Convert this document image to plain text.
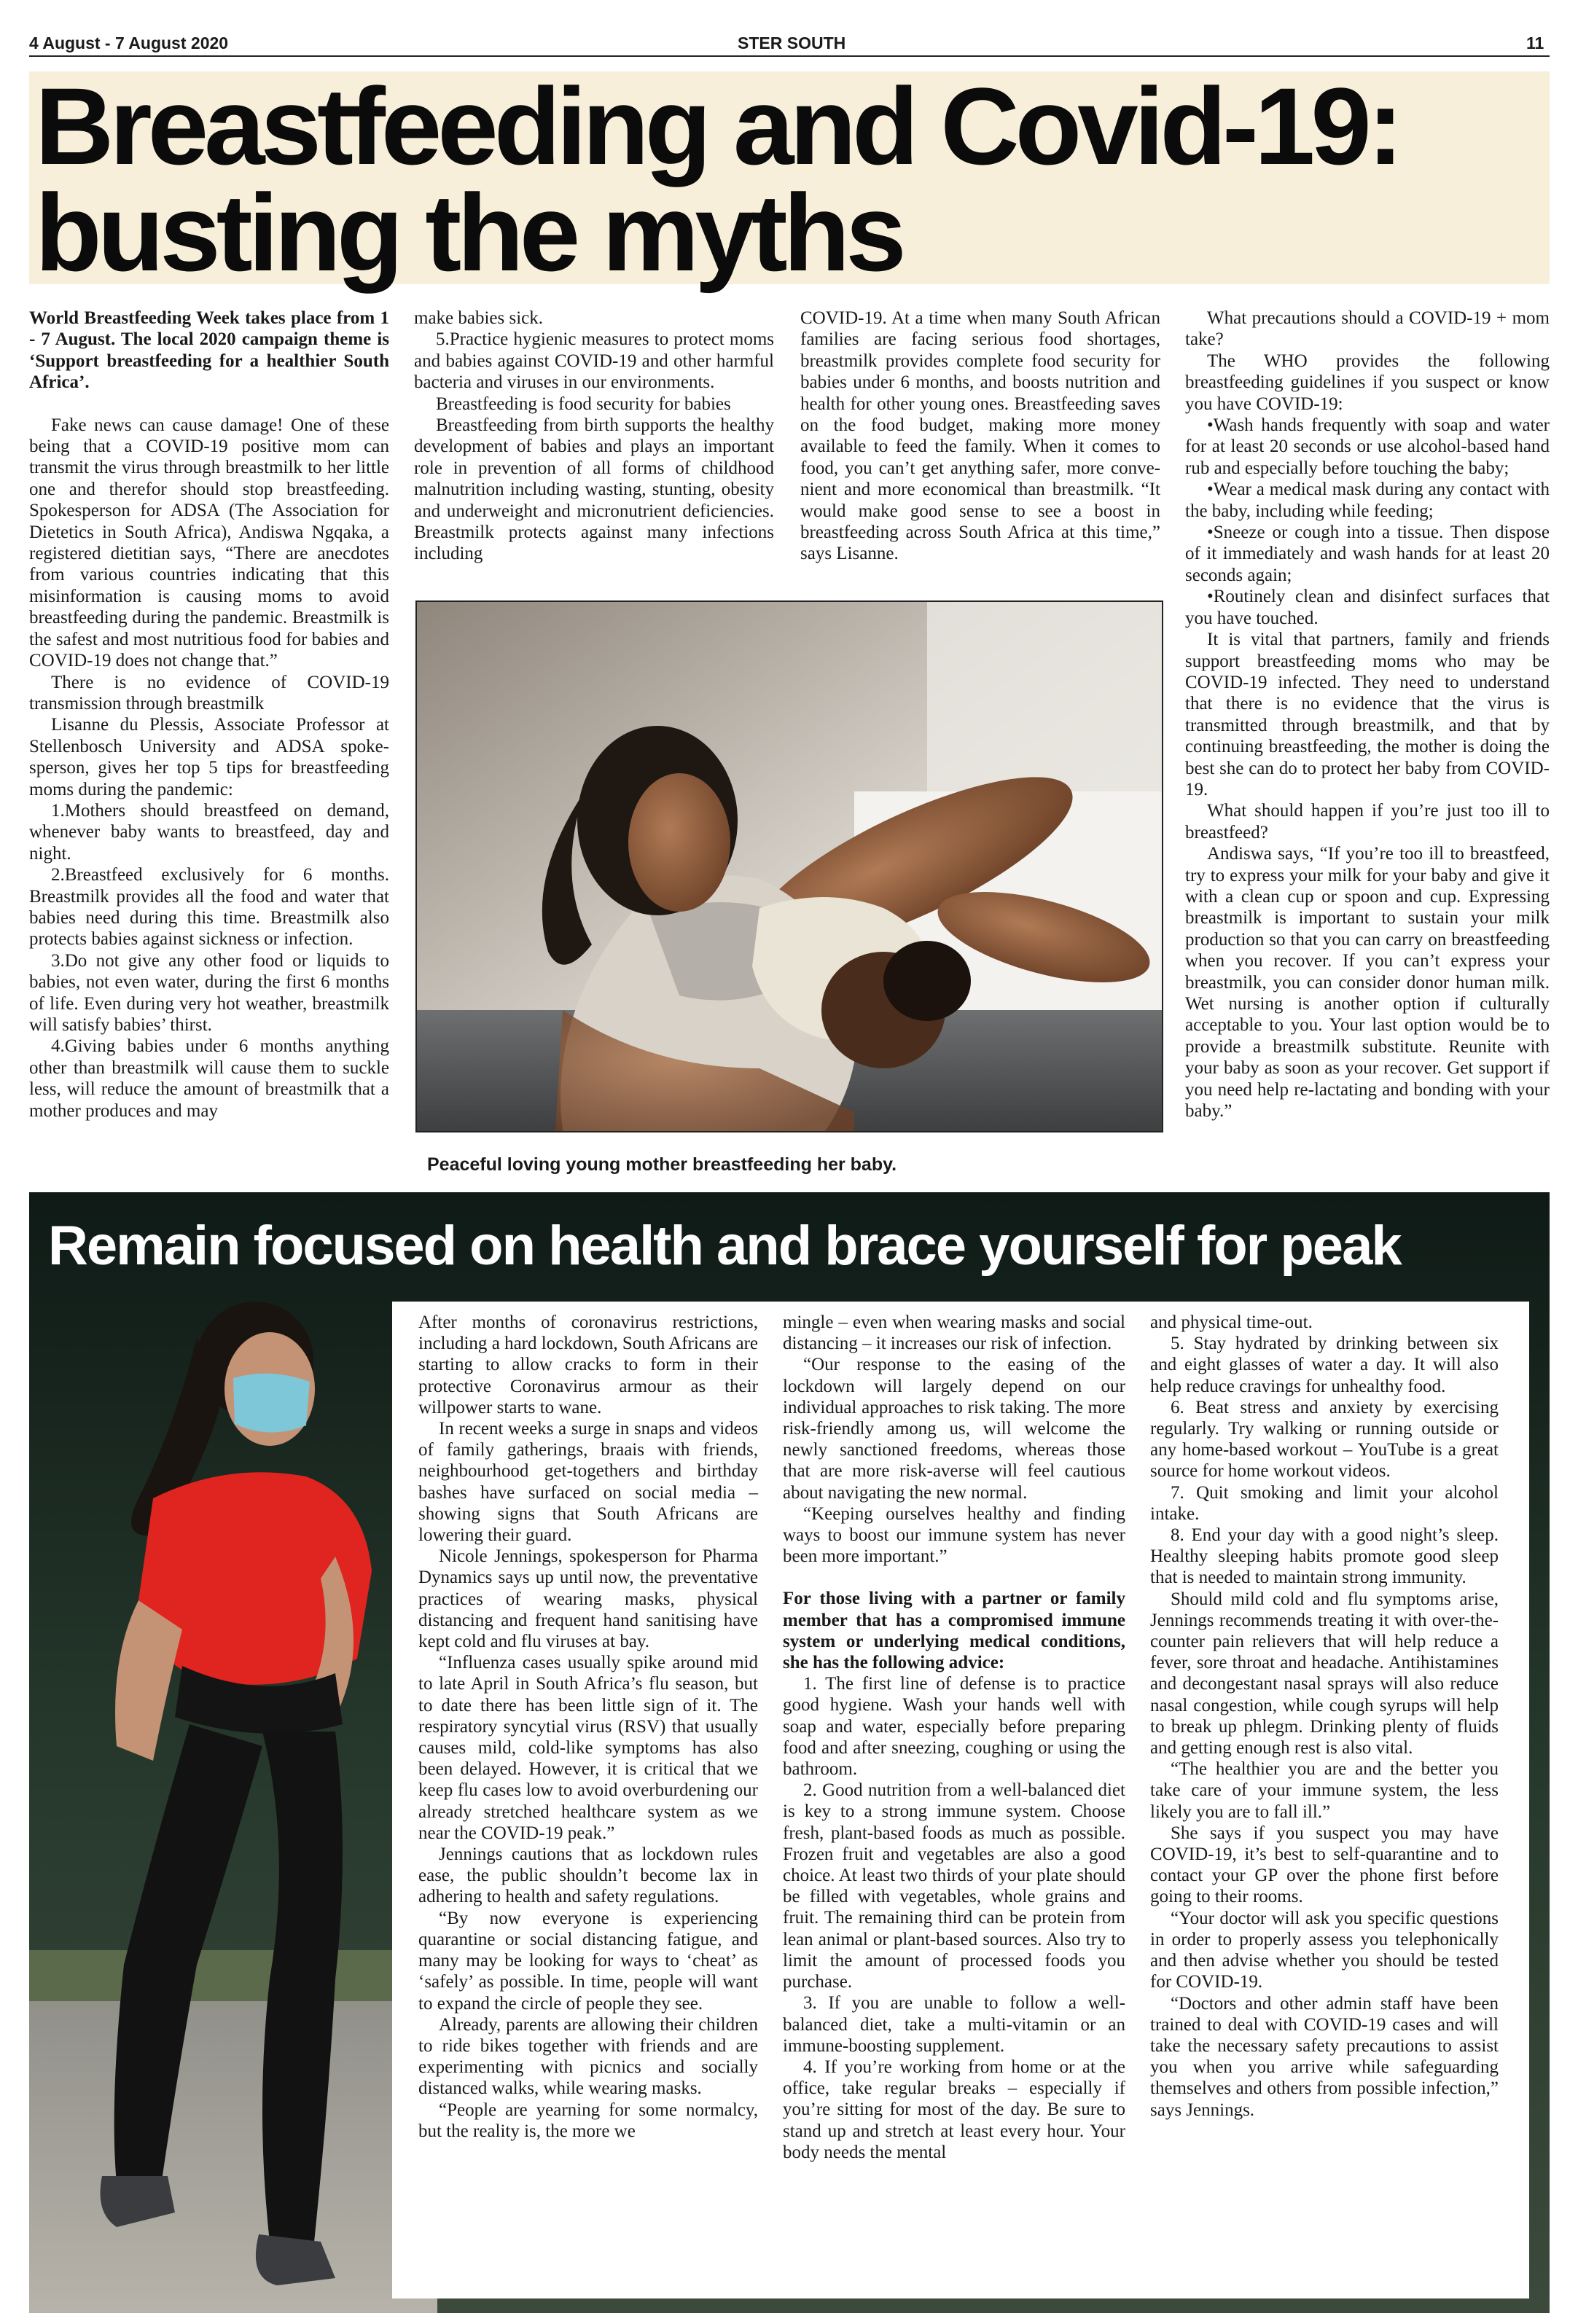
4 August - 7 August 2020	STER SOUTH	11
Breastfeeding and Covid-19:
busting the myths

World Breastfeeding Week takes place from 1 - 7 August. The local 2020 campaign theme is ‘Support breastfeeding for a healthier South Africa’.

Fake news can cause damage! One of these being that a COVID-19 positive mom can transmit the virus through breastmilk to her little one and therefor should stop breastfeeding. Spokesperson for ADSA (The Association for Dietetics in South Africa), Andiswa Ngqaka, a registered dietitian says, “There are anecdotes from various countries indicating that this misinformation is causing moms to avoid breastfeeding during the pandemic. Breastmilk is the safest and most nutritious food for babies and COVID-19 does not change that.”

There is no evidence of COVID-19 transmission through breastmilk

Lisanne du Plessis, Associate Professor at Stellenbosch University and ADSA spokesperson, gives her top 5 tips for breastfeeding moms during the pandemic:

1.Mothers should breastfeed on demand, whenever baby wants to breastfeed, day and night.

2.Breastfeed exclusively for 6 months. Breastmilk provides all the food and water that babies need during this time. Breastmilk also protects babies against sickness or infection.

3.Do not give any other food or liquids to babies, not even water, during the first 6 months of life. Even during very hot weather, breastmilk will satisfy babies’ thirst.

4.Giving babies under 6 months anything other than breastmilk will cause them to suckle less, will reduce the amount of breastmilk that a mother produces and may

make babies sick.

5.Practice hygienic measures to protect moms and babies against COVID-19 and other harmful bacteria and viruses in our environments.

Breastfeeding is food security for babies

Breastfeeding from birth supports the healthy development of babies and plays an important role in prevention of all forms of childhood malnutrition including wasting, stunting, obesity and underweight and micronutrient deficiencies. Breastmilk protects against many infections including

COVID-19. At a time when many South African families are facing serious food shortages, breastmilk provides complete food security for babies under 6 months, and boosts nutrition and health for other young ones. Breastfeeding saves on the food budget, making more money available to feed the family. When it comes to food, you can’t get anything safer, more convenient and more economical than breastmilk. “It would make good sense to see a boost in breastfeeding across South Africa at this time,” says Lisanne.

What precautions should a COVID-19 + mom take?

The WHO provides the following breastfeeding guidelines if you suspect or know you have COVID-19:

•Wash hands frequently with soap and water for at least 20 seconds or use alcohol-based hand rub and especially before touching the baby;

•Wear a medical mask during any contact with the baby, including while feeding;

•Sneeze or cough into a tissue. Then dispose of it immediately and wash hands for at least 20 seconds again;

•Routinely clean and disinfect surfaces that you have touched.

It is vital that partners, family and friends support breastfeeding moms who may be COVID-19 infected. They need to understand that there is no evidence that the virus is transmitted through breastmilk, and that by continuing breastfeeding, the mother is doing the best she can do to protect her baby from COVID-19.

What should happen if you’re just too ill to breastfeed?

Andiswa says, “If you’re too ill to breastfeed, try to express your milk for your baby and give it with a clean cup or spoon and cup. Expressing breastmilk is important to sustain your milk production so that you can carry on breastfeeding when you recover. If you can’t express your breastmilk, you can consider donor human milk. Wet nursing is another option if culturally acceptable to you. Your last option would be to provide a breastmilk substitute. Reunite with your baby as soon as your recover. Get support if you need help re-lactating and bonding with your baby.”

Peaceful loving young mother breastfeeding her baby.
Remain focused on health and brace yourself for peak

After months of coronavirus restrictions, including a hard lockdown, South Africans are starting to allow cracks to form in their protective Coronavirus armour as their willpower starts to wane.

In recent weeks a surge in snaps and videos of family gatherings, braais with friends, neighbourhood get-togethers and birthday bashes have surfaced on social media – showing signs that South Africans are lowering their guard.

Nicole Jennings, spokesperson for Pharma Dynamics says up until now, the preventative practices of wearing masks, physical distancing and frequent hand sanitising have kept cold and flu viruses at bay.

“Influenza cases usually spike around mid to late April in South Africa’s flu season, but to date there has been little sign of it. The respiratory syncytial virus (RSV) that usually causes mild, cold-like symptoms has also been delayed. However, it is critical that we keep flu cases low to avoid overburdening our already stretched healthcare system as we near the COVID-19 peak.”

Jennings cautions that as lockdown rules ease, the public shouldn’t become lax in adhering to health and safety regulations.

“By now everyone is experiencing quarantine or social distancing fatigue, and many may be looking for ways to ‘cheat’ as ‘safely’ as possible. In time, people will want to expand the circle of people they see.

Already, parents are allowing their children to ride bikes together with friends and are experimenting with picnics and socially distanced walks, while wearing masks.

“People are yearning for some normalcy, but the reality is, the more we

mingle – even when wearing masks and social distancing – it increases our risk of infection.

“Our response to the easing of the lockdown will largely depend on our individual approaches to risk taking. The more risk-friendly among us, will welcome the newly sanctioned freedoms, whereas those that are more risk-averse will feel cautious about navigating the new normal.

“Keeping ourselves healthy and finding ways to boost our immune system has never been more important.”

For those living with a partner or family member that has a compromised immune system or underlying medical conditions, she has the following advice:

1. The first line of defense is to practice good hygiene. Wash your hands well with soap and water, especially before preparing food and after sneezing, coughing or using the bathroom.

2. Good nutrition from a well-balanced diet is key to a strong immune system. Choose fresh, plant-based foods as much as possible. Frozen fruit and vegetables are also a good choice. At least two thirds of your plate should be filled with vegetables, whole grains and fruit. The remaining third can be protein from lean animal or plant-based sources. Also try to limit the amount of processed foods you purchase.

3. If you are unable to follow a well-balanced diet, take a multi-vitamin or an immune-boosting supplement.

4. If you’re working from home or at the office, take regular breaks – especially if you’re sitting for most of the day. Be sure to stand up and stretch at least every hour. Your body needs the mental

and physical time-out.

5. Stay hydrated by drinking between six and eight glasses of water a day. It will also help reduce cravings for unhealthy food.

6. Beat stress and anxiety by exercising regularly. Try walking or running outside or any home-based workout – YouTube is a great source for home workout videos.

7. Quit smoking and limit your alcohol intake.

8. End your day with a good night’s sleep. Healthy sleeping habits promote good sleep that is needed to maintain strong immunity.

Should mild cold and flu symptoms arise, Jennings recommends treating it with over-the-counter pain relievers that will help reduce a fever, sore throat and headache. Antihistamines and decongestant nasal sprays will also reduce nasal congestion, while cough syrups will help to break up phlegm. Drinking plenty of fluids and getting enough rest is also vital.

“The healthier you are and the better you take care of your immune system, the less likely you are to fall ill.”

She says if you suspect you may have COVID-19, it’s best to self-quarantine and to contact your GP over the phone first before going to their rooms.

“Your doctor will ask you specific questions in order to properly assess you telephonically and then advise whether you should be tested for COVID-19.

“Doctors and other admin staff have been trained to deal with COVID-19 cases and will take the necessary safety precautions to assist you when you arrive while safeguarding themselves and others from possible infection,” says Jennings.
